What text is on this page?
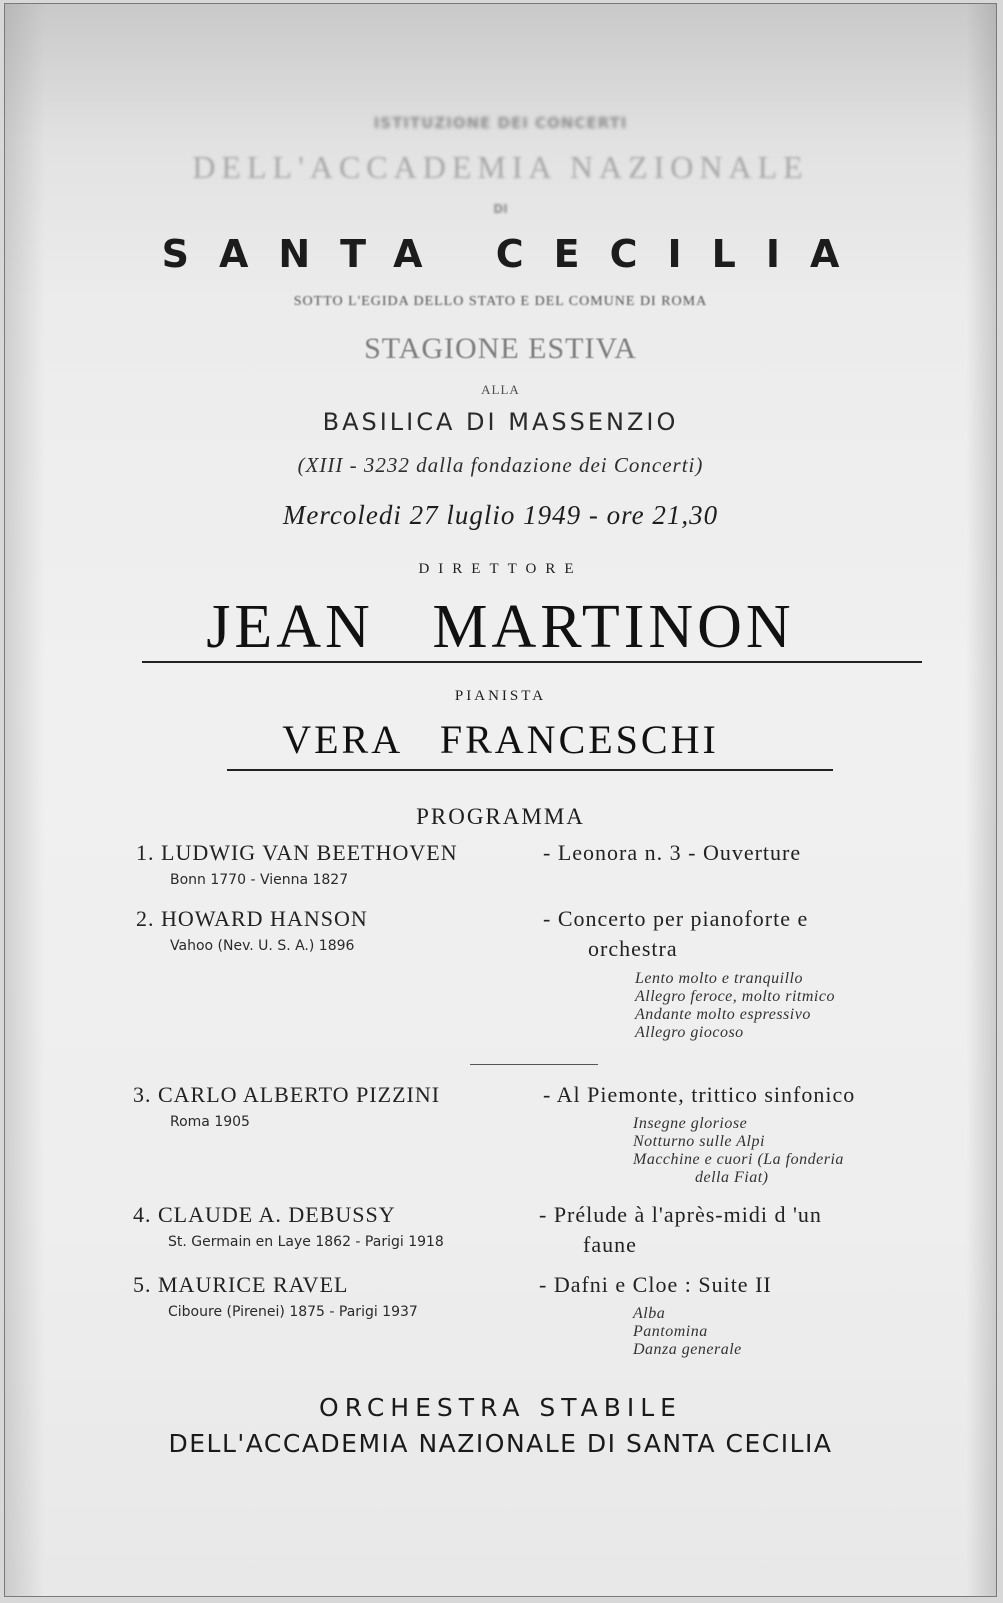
ISTITUZIONE DEI CONCERTI
DELL'ACCADEMIA NAZIONALE
DI
SANTA CECILIA
SOTTO L'EGIDA DELLO STATO E DEL COMUNE DI ROMA
STAGIONE ESTIVA
ALLA
BASILICA DI MASSENZIO
(XIII - 3232 dalla fondazione dei Concerti)
Mercoledi 27 luglio 1949 - ore 21,30
DIRETTORE
JEAN   MARTINON
PIANISTA
VERA   FRANCESCHI
PROGRAMMA
1. LUDWIG VAN BEETHOVEN
Bonn 1770 - Vienna 1827
- Leonora n. 3 - Ouverture
2. HOWARD HANSON
Vahoo (Nev. U. S. A.) 1896
- Concerto per pianoforte e
orchestra
Lento molto e tranquillo
Allegro feroce, molto ritmico
Andante molto espressivo
Allegro giocoso
3. CARLO ALBERTO PIZZINI
Roma 1905
- Al Piemonte, trittico sinfonico
Insegne gloriose
Notturno sulle Alpi
Macchine e cuori (La fonderia
della Fiat)
4. CLAUDE A. DEBUSSY
St. Germain en Laye 1862 - Parigi 1918
- Prélude à l'après-midi d 'un
faune
5. MAURICE RAVEL
Ciboure (Pirenei) 1875 - Parigi 1937
- Dafni e Cloe : Suite II
Alba
Pantomina
Danza generale
ORCHESTRA STABILE
DELL'ACCADEMIA NAZIONALE DI SANTA CECILIA
